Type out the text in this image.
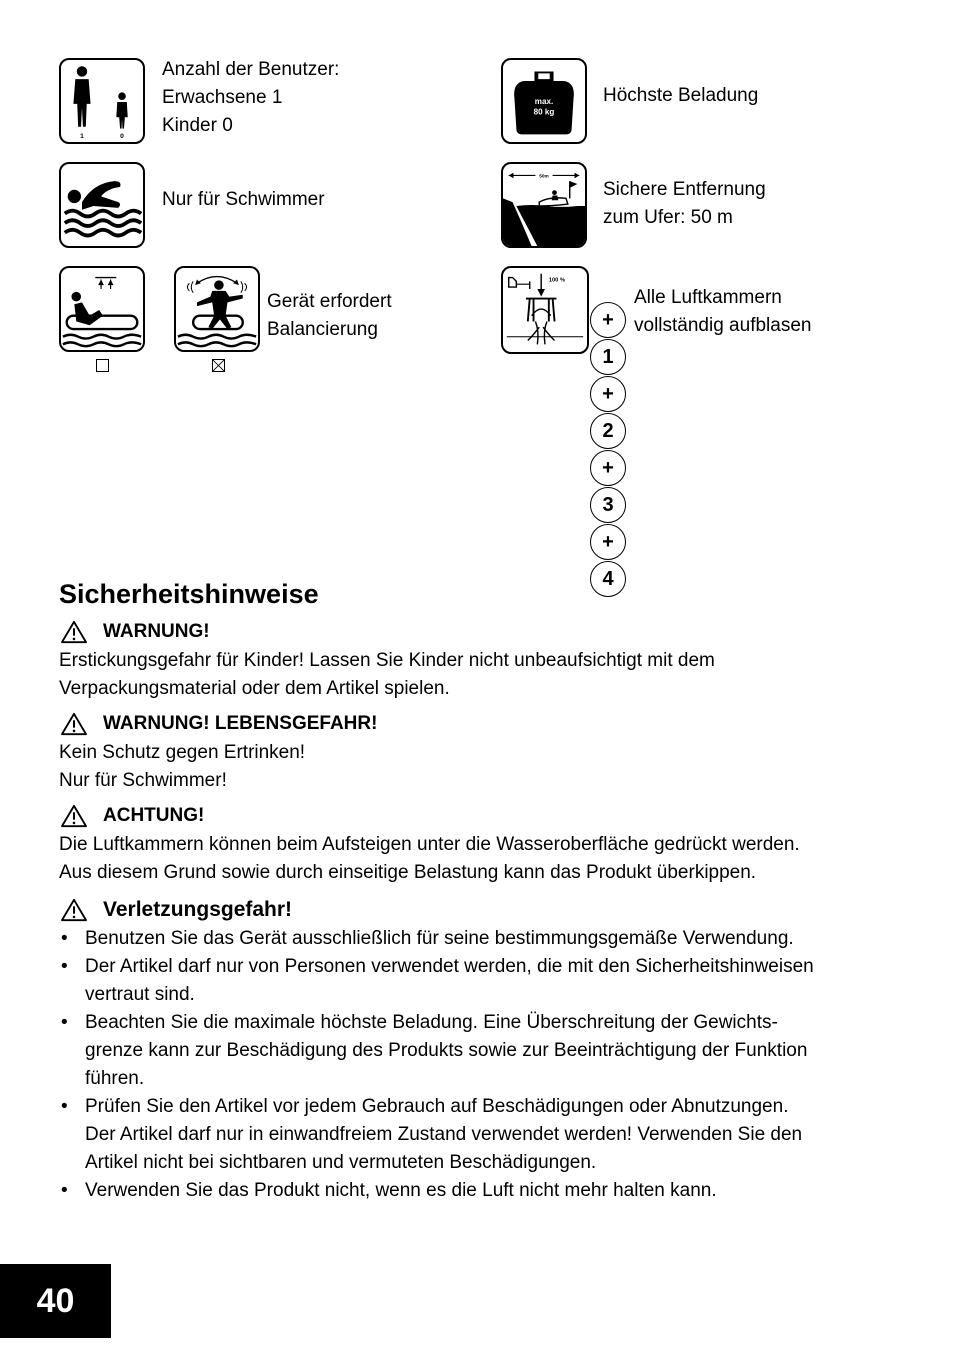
1	0
Anzahl der Benutzer:
Erwachsene 1
Kinder 0
max.
80 kg
Höchste Beladung
Nur für Schwimmer
50m
Sichere Entfernung
zum Ufer: 50 m
Gerät erfordert
Balancierung
100 %
Alle Luftkammern
vollständig aufblasen
+
1
+
2
+
3
+
4
Sicherheitshinweise
WARNUNG!
Erstickungsgefahr für Kinder! Lassen Sie Kinder nicht unbeaufsichtigt mit dem
Verpackungsmaterial oder dem Artikel spielen.
WARNUNG! LEBENSGEFAHR!
Kein Schutz gegen Ertrinken!
Nur für Schwimmer!
ACHTUNG!
Die Luftkammern können beim Aufsteigen unter die Wasseroberfläche gedrückt werden.
Aus diesem Grund sowie durch einseitige Belastung kann das Produkt überkippen.
Verletzungsgefahr!
• Benutzen Sie das Gerät ausschließlich für seine bestimmungsgemäße Verwendung.
• Der Artikel darf nur von Personen verwendet werden, die mit den Sicherheitshinweisen
vertraut sind.
• Beachten Sie die maximale höchste Beladung. Eine Überschreitung der Gewichts-
grenze kann zur Beschädigung des Produkts sowie zur Beeinträchtigung der Funktion
führen.
• Prüfen Sie den Artikel vor jedem Gebrauch auf Beschädigungen oder Abnutzungen.
Der Artikel darf nur in einwandfreiem Zustand verwendet werden! Verwenden Sie den
Artikel nicht bei sichtbaren und vermuteten Beschädigungen.
• Verwenden Sie das Produkt nicht, wenn es die Luft nicht mehr halten kann.
40
